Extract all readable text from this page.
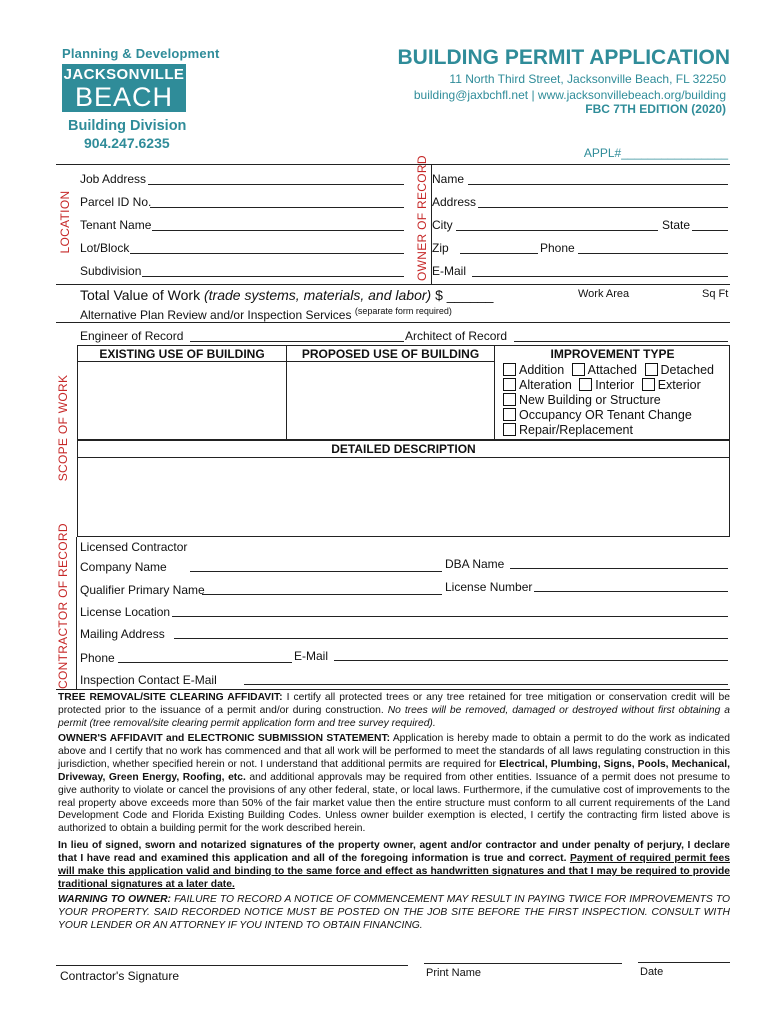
Planning & Development
JACKSONVILLE
BEACH
Building Division
904.247.6235
BUILDING PERMIT APPLICATION
11 North Third Street, Jacksonville Beach, FL 32250
building@jaxbchfl.net | www.jacksonvillebeach.org/building
FBC 7TH EDITION (2020)
APPL#________________
LOCATION	OWNER OF RECORD
Job Address
Parcel ID No.
Tenant Name
Lot/Block
Subdivision
Name
Address
City	State
Zip	Phone
E-Mail
SCOPE OF WORK
Total Value of Work (trade systems, materials, and labor) $ ______	Work Area	Sq Ft
Alternative Plan Review and/or Inspection Services $^{(separate form required)}$
Engineer of Record	Architect of Record
EXISTING USE OF BUILDING	PROPOSED USE OF BUILDING	IMPROVEMENT TYPE
Addition Attached Detached
Alteration Interior Exterior
New Building or Structure
Occupancy OR Tenant Change
Repair/Replacement
DETAILED DESCRIPTION
CONTRACTOR OF RECORD Licensed Contractor
Company Name	DBA Name
Qualifier Primary Name	License Number
License Location
Mailing Address
Phone	E-Mail
Inspection Contact E-Mail
TREE REMOVAL/SITE CLEARING AFFIDAVIT: I certify all protected trees or any tree retained for tree mitigation or conservation credit will be protected prior to the issuance of a permit and/or during construction. No trees will be removed, damaged or destroyed without first obtaining a permit (tree removal/site clearing permit application form and tree survey required).
OWNER'S AFFIDAVIT and ELECTRONIC SUBMISSION STATEMENT: Application is hereby made to obtain a permit to do the work as indicated above and I certify that no work has commenced and that all work will be performed to meet the standards of all laws regulating construction in this jurisdiction, whether specified herein or not. I understand that additional permits are required for Electrical, Plumbing, Signs, Pools, Mechanical, Driveway, Green Energy, Roofing, etc. and additional approvals may be required from other entities. Issuance of a permit does not presume to give authority to violate or cancel the provisions of any other federal, state, or local laws. Furthermore, if the cumulative cost of improvements to the real property above exceeds more than 50% of the fair market value then the entire structure must conform to all current requirements of the Land Development Code and Florida Existing Building Codes. Unless owner builder exemption is elected, I certify the contracting firm listed above is authorized to obtain a building permit for the work described herein.
In lieu of signed, sworn and notarized signatures of the property owner, agent and/or contractor and under penalty of perjury, I declare that I have read and examined this application and all of the foregoing information is true and correct. Payment of required permit fees will make this application valid and binding to the same force and effect as handwritten signatures and that I may be required to provide traditional signatures at a later date.
WARNING TO OWNER: FAILURE TO RECORD A NOTICE OF COMMENCEMENT MAY RESULT IN PAYING TWICE FOR IMPROVEMENTS TO YOUR PROPERTY. SAID RECORDED NOTICE MUST BE POSTED ON THE JOB SITE BEFORE THE FIRST INSPECTION. CONSULT WITH YOUR LENDER OR AN ATTORNEY IF YOU INTEND TO OBTAIN FINANCING.
Contractor's Signature	Print Name	Date
